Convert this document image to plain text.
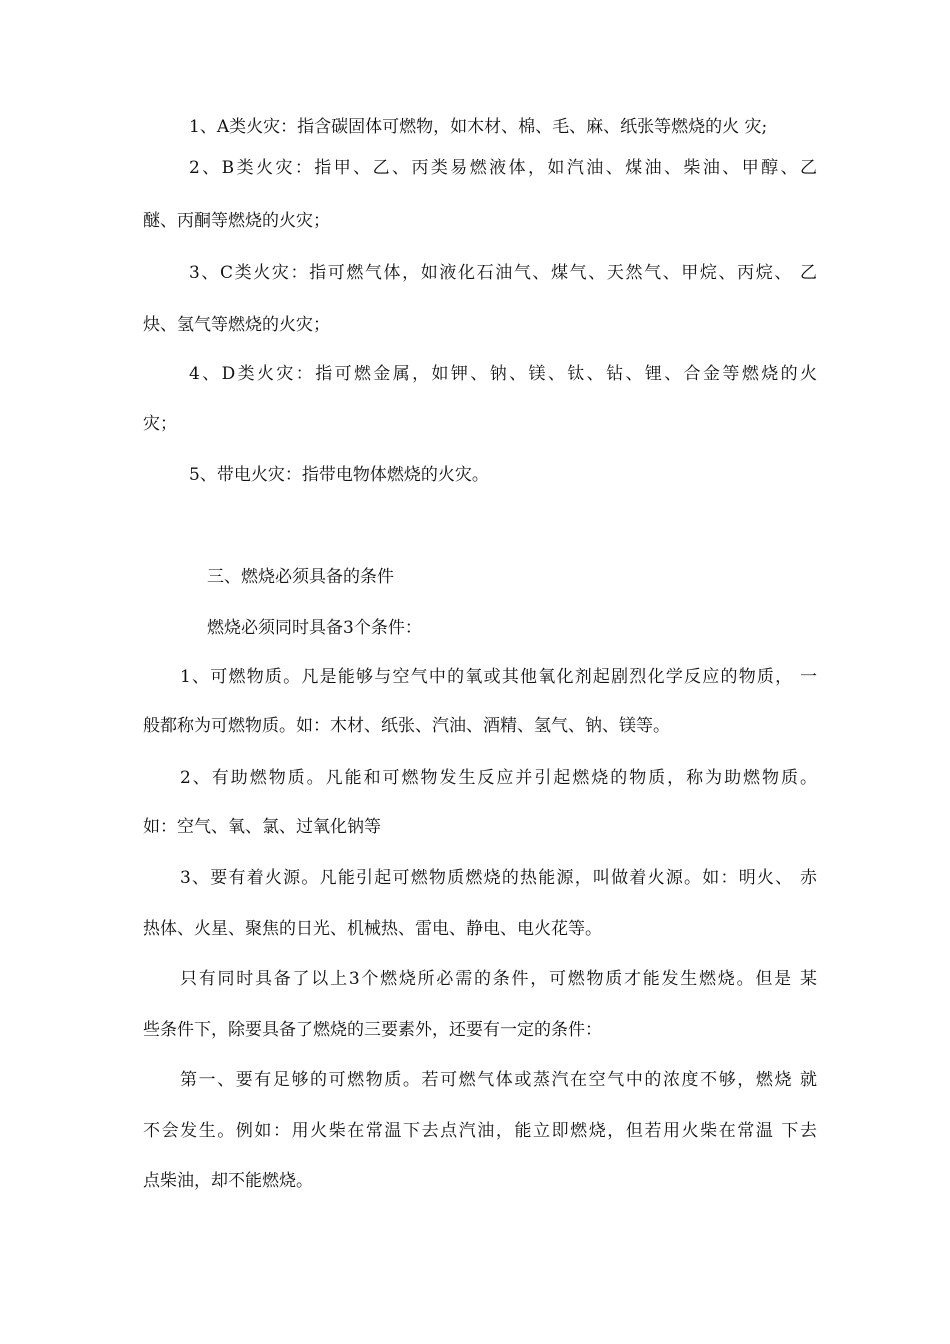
1、A类火灾：指含碳固体可燃物，如木材、棉、毛、麻、纸张等燃烧的火 灾;
2、B类火灾：指甲、乙、丙类易燃液体，如汽油、煤油、柴油、甲醇、乙
醚、丙酮等燃烧的火灾；
3、C类火灾：指可燃气体，如液化石油气、煤气、天然气、甲烷、丙烷、 乙
炔、氢气等燃烧的火灾；
4、D类火灾：指可燃金属，如钾、钠、镁、钛、钻、锂、合金等燃烧的火
灾；
5、带电火灾：指带电物体燃烧的火灾。
三、燃烧必须具备的条件
燃烧必须同时具备3个条件：
1、可燃物质。凡是能够与空气中的氧或其他氧化剂起剧烈化学反应的物质， 一
般都称为可燃物质。如：木材、纸张、汽油、酒精、氢气、钠、镁等。
2、有助燃物质。凡能和可燃物发生反应并引起燃烧的物质，称为助燃物质。
如：空气、氧、氯、过氧化钠等
3、要有着火源。凡能引起可燃物质燃烧的热能源，叫做着火源。如：明火、 赤
热体、火星、聚焦的日光、机械热、雷电、静电、电火花等。
只有同时具备了以上3个燃烧所必需的条件，可燃物质才能发生燃烧。但是 某
些条件下，除要具备了燃烧的三要素外，还要有一定的条件：
第一、要有足够的可燃物质。若可燃气体或蒸汽在空气中的浓度不够，燃烧 就
不会发生。例如：用火柴在常温下去点汽油，能立即燃烧，但若用火柴在常温 下去
点柴油，却不能燃烧。
